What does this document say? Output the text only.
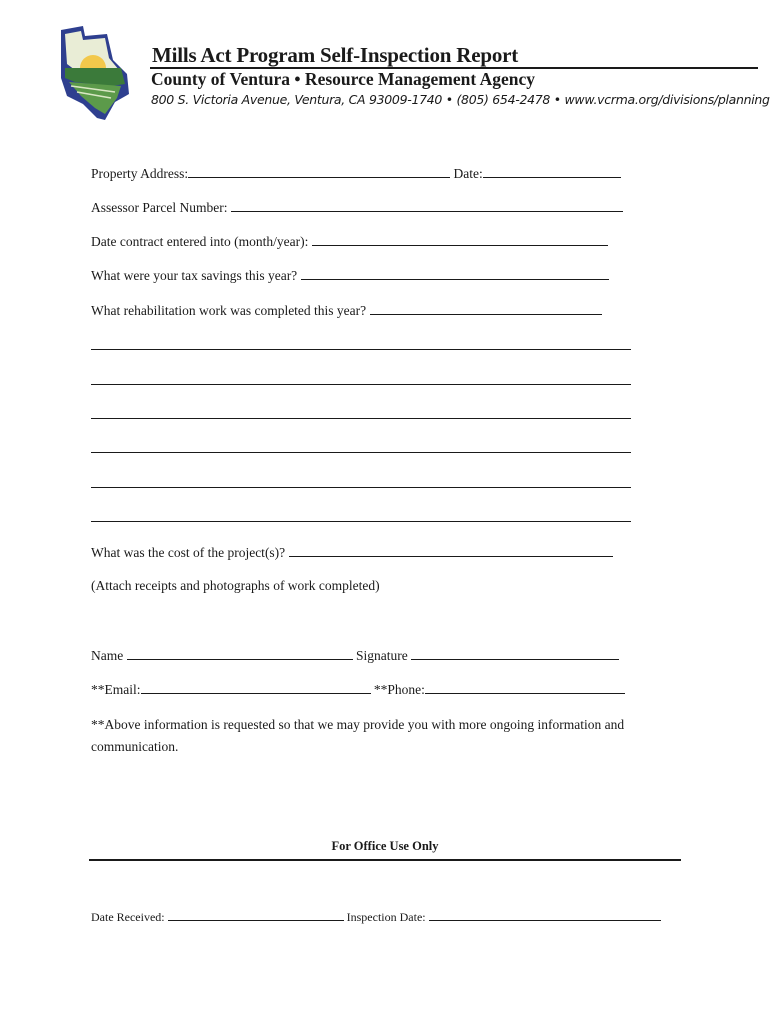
Mills Act Program Self-Inspection Report
County of Ventura • Resource Management Agency
800 S. Victoria Avenue, Ventura, CA 93009-1740 • (805) 654-2478 • www.vcrma.org/divisions/planning
Property Address:	Date:
Assessor Parcel Number:
Date contract entered into (month/year):
What were your tax savings this year?
What rehabilitation work was completed this year?
What was the cost of the project(s)?
(Attach receipts and photographs of work completed)
Name	Signature
**Email:	**Phone:
**Above information is requested so that we may provide you with more ongoing information and communication.
For Office Use Only
Date Received:	Inspection Date:
